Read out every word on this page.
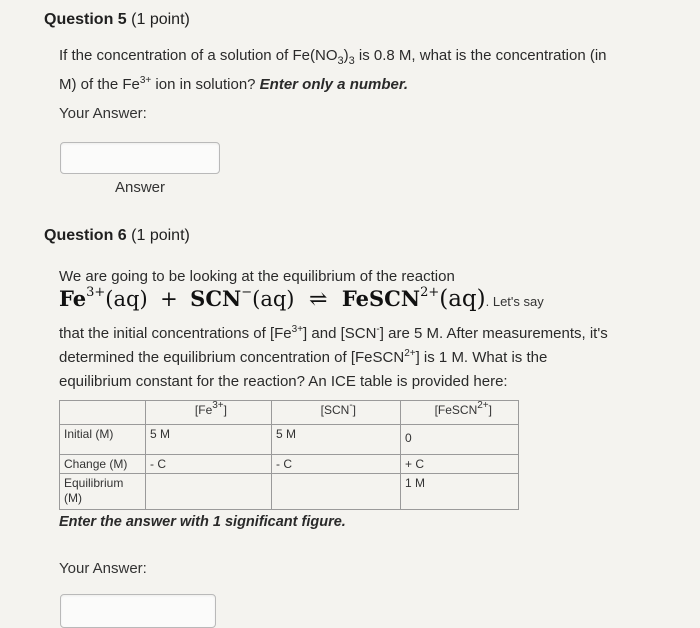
Question 5 (1 point)
If the concentration of a solution of $Fe(NO_3)_3$ is 0.8 M, what is the concentration (in
M) of the $Fe^{3+}$ ion in solution? Enter only a number.
Your Answer:
Answer
Question 6 (1 point)
We are going to be looking at the equilibrium of the reaction
$Fe^{3+}(aq) + SCN^-(aq)$ ⇌ FeSCN$^{2+}$(aq). Let's say
that the initial concentrations of $[Fe^{3+}]$ and [SCN-] are 5 M. After measurements, it's
determined the equilibrium concentration of [FeSCN$^{2+}$] is 1 M. What is the
equilibrium constant for the reaction? An ICE table is provided here:
	$[Fe^{3+}]$	[SCN-]	[FeSCN$^{2+}$]
Initial (M)	5 M	5 M	0
Change (M)	- C	- C	+ C
Equilibrium (M)			1 M
Enter the answer with 1 significant figure.
Your Answer:
